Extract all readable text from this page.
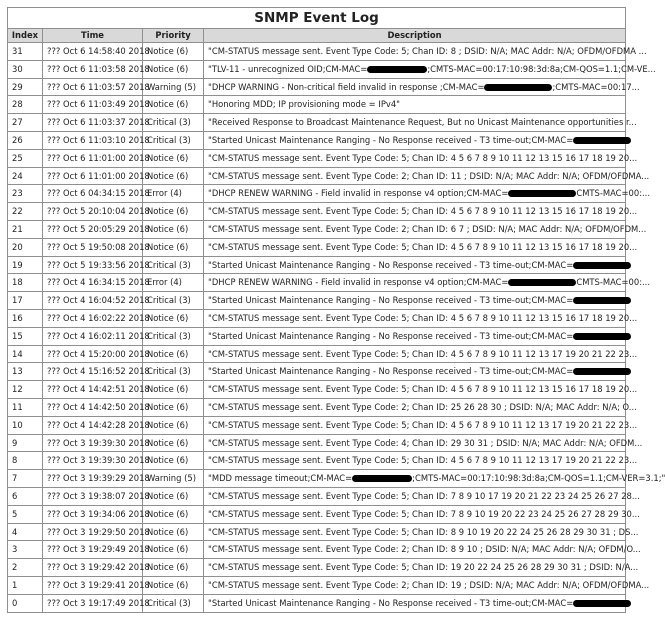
SNMP Event Log			
Index	Time	Priority	Description
31	??? Oct 6 14:58:40 2018	Notice (6)	"CM-STATUS message sent. Event Type Code: 5; Chan ID: 8 ; DSID: N/A; MAC Addr: N/A; OFDM/OFDMA ...
30	??? Oct 6 11:03:58 2018	Notice (6)	"TLV-11 - unrecognized OID;CM-MAC= ;CMTS-MAC=00:17:10:98:3d:8a;CM-QOS=1.1;CM-VE...
29	??? Oct 6 11:03:57 2018	Warning (5)	"DHCP WARNING - Non-critical field invalid in response ;CM-MAC= ;CMTS-MAC=00:17...
28	??? Oct 6 11:03:49 2018	Notice (6)	"Honoring MDD; IP provisioning mode = IPv4"
27	??? Oct 6 11:03:37 2018	Critical (3)	"Received Response to Broadcast Maintenance Request, But no Unicast Maintenance opportunities r...
26	??? Oct 6 11:03:10 2018	Critical (3)	"Started Unicast Maintenance Ranging - No Response received - T3 time-out;CM-MAC=
25	??? Oct 6 11:01:00 2018	Notice (6)	"CM-STATUS message sent. Event Type Code: 5; Chan ID: 4 5 6 7 8 9 10 11 12 13 15 16 17 18 19 20...
24	??? Oct 6 11:01:00 2018	Notice (6)	"CM-STATUS message sent. Event Type Code: 2; Chan ID: 11 ; DSID: N/A; MAC Addr: N/A; OFDM/OFDMA...
23	??? Oct 6 04:34:15 2018	Error (4)	"DHCP RENEW WARNING - Field invalid in response v4 option;CM-MAC= CMTS-MAC=00:...
22	??? Oct 5 20:10:04 2018	Notice (6)	"CM-STATUS message sent. Event Type Code: 5; Chan ID: 4 5 6 7 8 9 10 11 12 13 15 16 17 18 19 20...
21	??? Oct 5 20:05:29 2018	Notice (6)	"CM-STATUS message sent. Event Type Code: 2; Chan ID: 6 7 ; DSID: N/A; MAC Addr: N/A; OFDM/OFDM...
20	??? Oct 5 19:50:08 2018	Notice (6)	"CM-STATUS message sent. Event Type Code: 5; Chan ID: 4 5 6 7 8 9 10 11 12 13 15 16 17 18 19 20...
19	??? Oct 5 19:33:56 2018	Critical (3)	"Started Unicast Maintenance Ranging - No Response received - T3 time-out;CM-MAC=
18	??? Oct 4 16:34:15 2018	Error (4)	"DHCP RENEW WARNING - Field invalid in response v4 option;CM-MAC= CMTS-MAC=00:...
17	??? Oct 4 16:04:52 2018	Critical (3)	"Started Unicast Maintenance Ranging - No Response received - T3 time-out;CM-MAC=
16	??? Oct 4 16:02:22 2018	Notice (6)	"CM-STATUS message sent. Event Type Code: 5; Chan ID: 4 5 6 7 8 9 10 11 12 13 15 16 17 18 19 20...
15	??? Oct 4 16:02:11 2018	Critical (3)	"Started Unicast Maintenance Ranging - No Response received - T3 time-out;CM-MAC=
14	??? Oct 4 15:20:00 2018	Notice (6)	"CM-STATUS message sent. Event Type Code: 5; Chan ID: 4 5 6 7 8 9 10 11 12 13 17 19 20 21 22 23...
13	??? Oct 4 15:16:52 2018	Critical (3)	"Started Unicast Maintenance Ranging - No Response received - T3 time-out;CM-MAC=
12	??? Oct 4 14:42:51 2018	Notice (6)	"CM-STATUS message sent. Event Type Code: 5; Chan ID: 4 5 6 7 8 9 10 11 12 13 15 16 17 18 19 20...
11	??? Oct 4 14:42:50 2018	Notice (6)	"CM-STATUS message sent. Event Type Code: 2; Chan ID: 25 26 28 30 ; DSID: N/A; MAC Addr: N/A; O...
10	??? Oct 4 14:42:28 2018	Notice (6)	"CM-STATUS message sent. Event Type Code: 5; Chan ID: 4 5 6 7 8 9 10 11 12 13 17 19 20 21 22 23...
9	??? Oct 3 19:39:30 2018	Notice (6)	"CM-STATUS message sent. Event Type Code: 4; Chan ID: 29 30 31 ; DSID: N/A; MAC Addr: N/A; OFDM...
8	??? Oct 3 19:39:30 2018	Notice (6)	"CM-STATUS message sent. Event Type Code: 5; Chan ID: 4 5 6 7 8 9 10 11 12 13 17 19 20 21 22 23...
7	??? Oct 3 19:39:29 2018	Warning (5)	"MDD message timeout;CM-MAC= ;CMTS-MAC=00:17:10:98:3d:8a;CM-QOS=1.1;CM-VER=3.1;"
6	??? Oct 3 19:38:07 2018	Notice (6)	"CM-STATUS message sent. Event Type Code: 5; Chan ID: 7 8 9 10 17 19 20 21 22 23 24 25 26 27 28...
5	??? Oct 3 19:34:06 2018	Notice (6)	"CM-STATUS message sent. Event Type Code: 5; Chan ID: 7 8 9 10 19 20 22 23 24 25 26 27 28 29 30...
4	??? Oct 3 19:29:50 2018	Notice (6)	"CM-STATUS message sent. Event Type Code: 5; Chan ID: 8 9 10 19 20 22 24 25 26 28 29 30 31 ; DS...
3	??? Oct 3 19:29:49 2018	Notice (6)	"CM-STATUS message sent. Event Type Code: 2; Chan ID: 8 9 10 ; DSID: N/A; MAC Addr: N/A; OFDM/O...
2	??? Oct 3 19:29:42 2018	Notice (6)	"CM-STATUS message sent. Event Type Code: 5; Chan ID: 19 20 22 24 25 26 28 29 30 31 ; DSID: N/A...
1	??? Oct 3 19:29:41 2018	Notice (6)	"CM-STATUS message sent. Event Type Code: 2; Chan ID: 19 ; DSID: N/A; MAC Addr: N/A; OFDM/OFDMA...
0	??? Oct 3 19:17:49 2018	Critical (3)	"Started Unicast Maintenance Ranging - No Response received - T3 time-out;CM-MAC=
